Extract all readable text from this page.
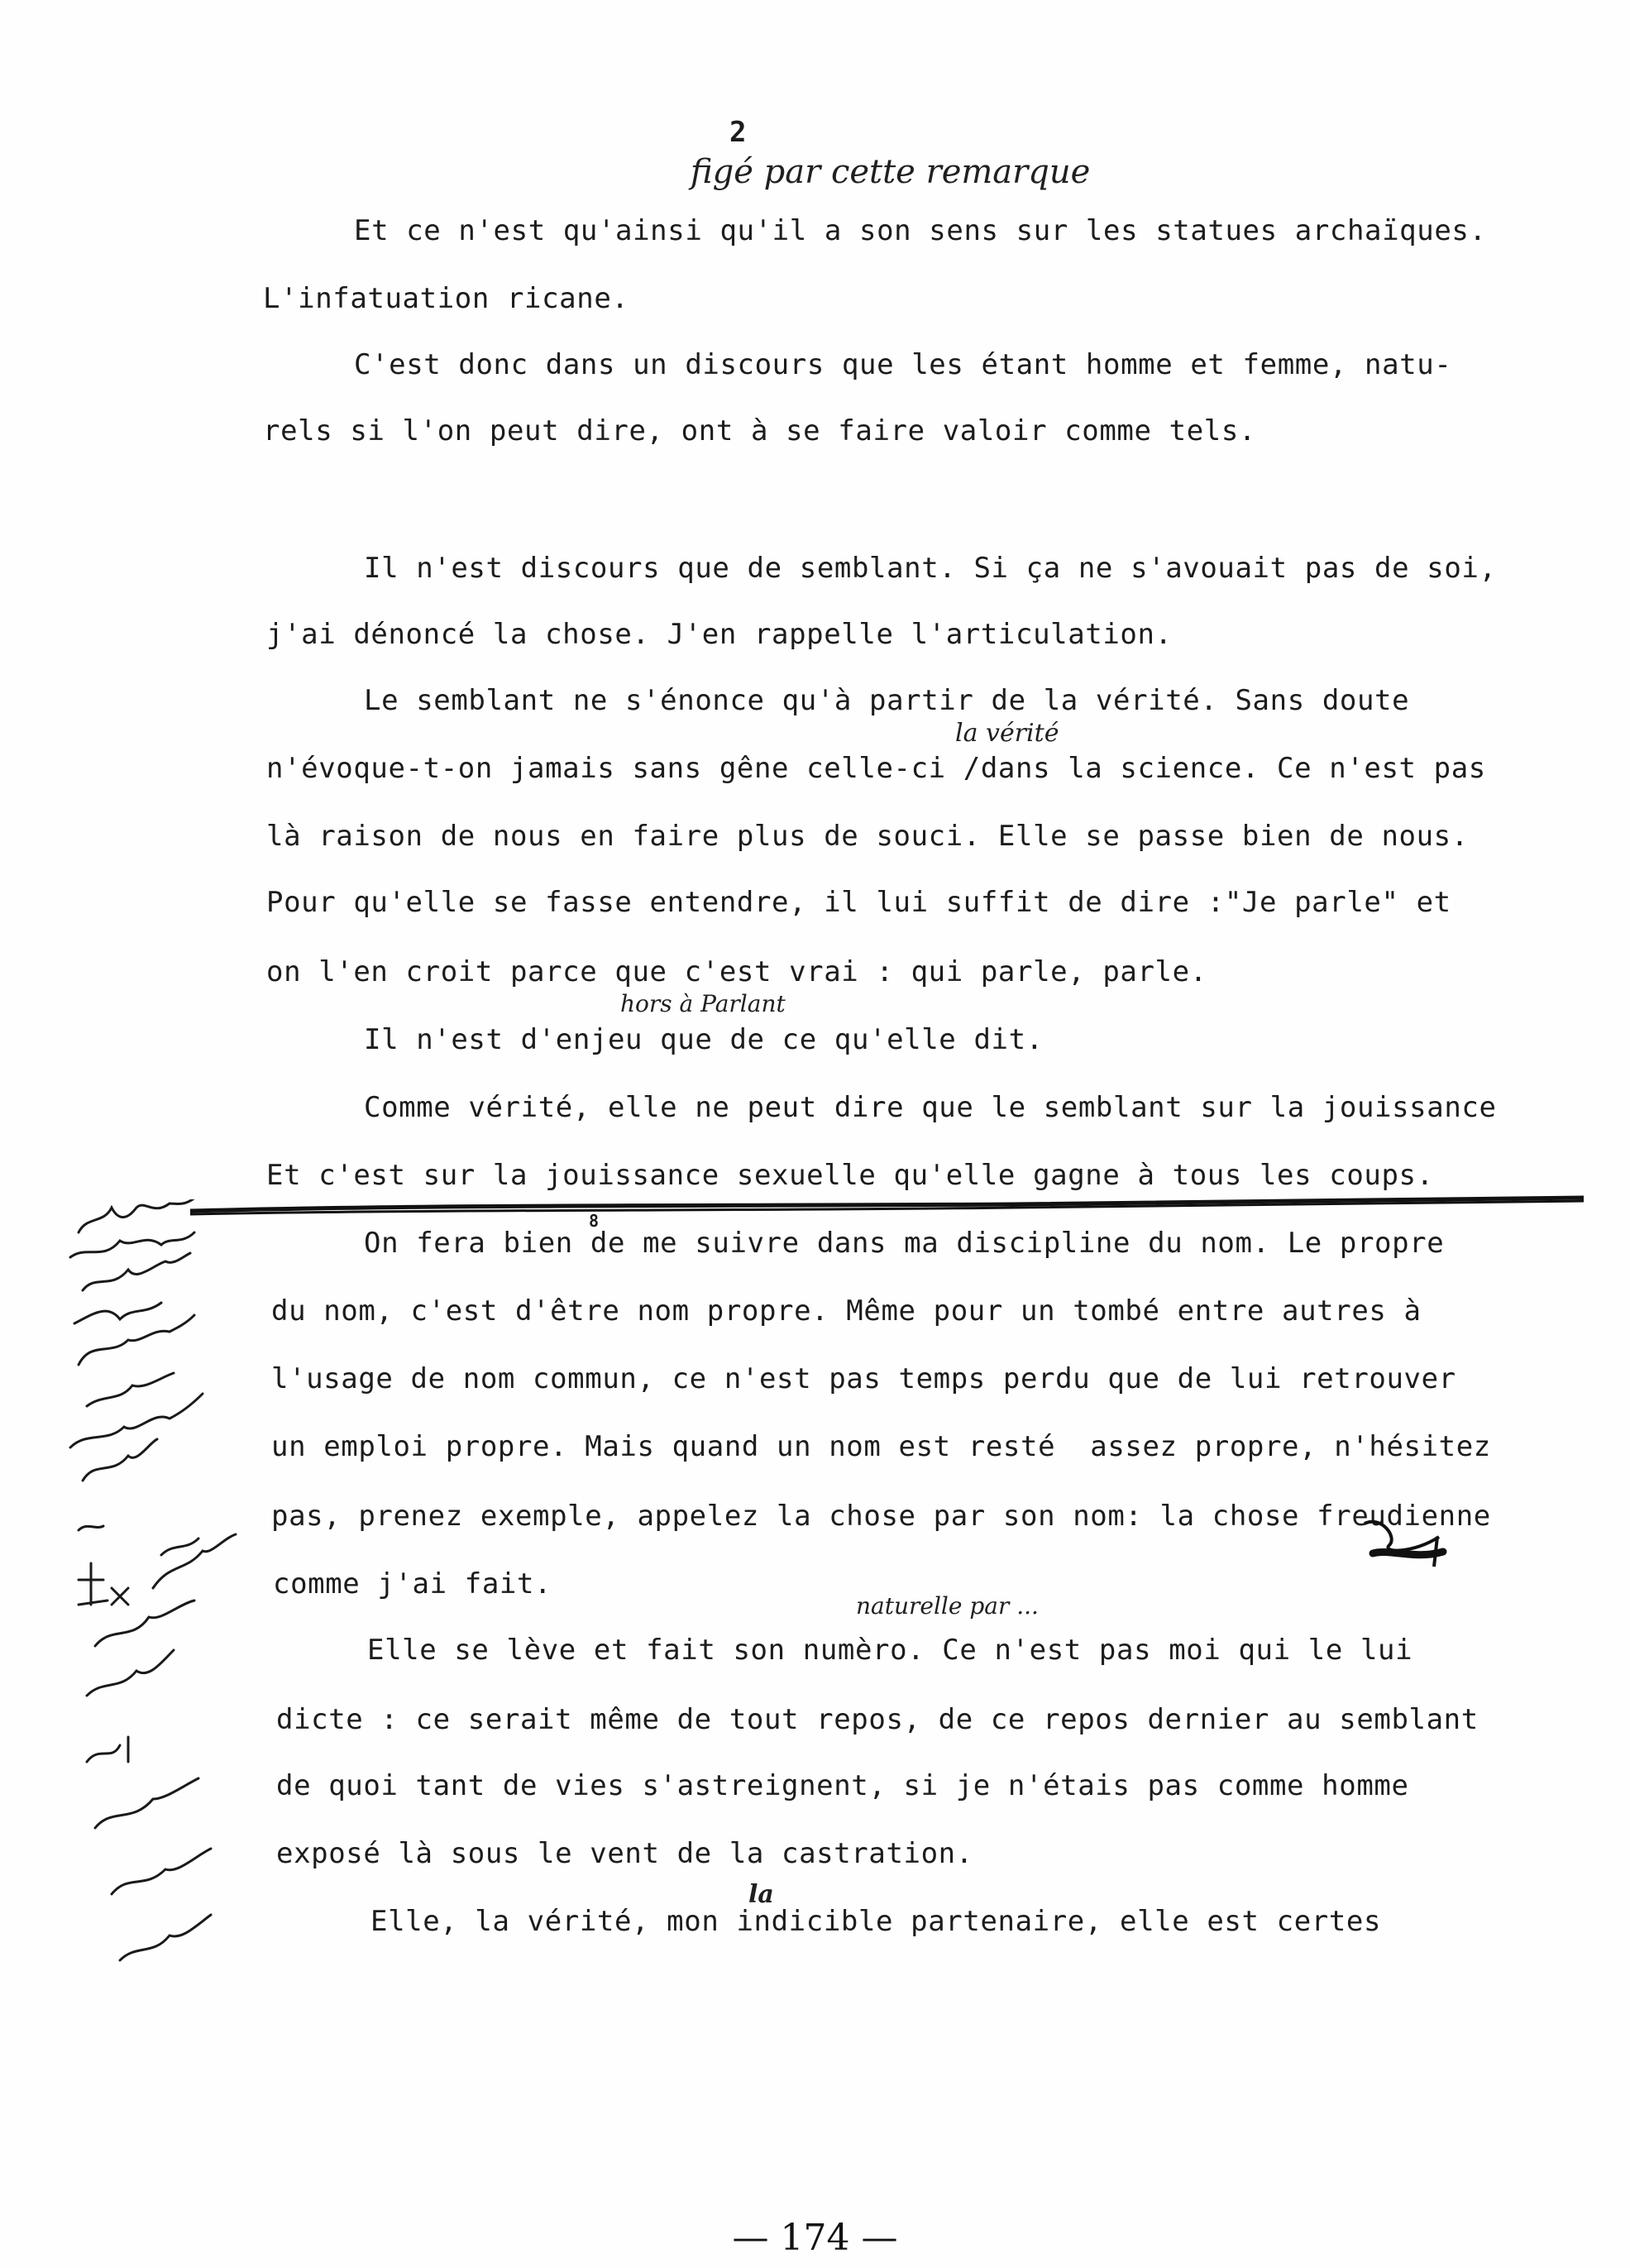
2
figé par cette remarque
Et ce n'est qu'ainsi qu'il a son sens sur les statues archaïques.
L'infatuation ricane.
C'est donc dans un discours que les étant homme et femme, natu-
rels si l'on peut dire, ont à se faire valoir comme tels.
Il n'est discours que de semblant. Si ça ne s'avouait pas de soi,
j'ai dénoncé la chose. J'en rappelle l'articulation.
Le semblant ne s'énonce qu'à partir de la vérité. Sans doute
la vérité
n'évoque-t-on jamais sans gêne celle-ci /dans la science. Ce n'est pas
là raison de nous en faire plus de souci. Elle se passe bien de nous.
Pour qu'elle se fasse entendre, il lui suffit de dire :"Je parle" et
on l'en croit parce que c'est vrai : qui parle, parle.
hors à Parlant
Il n'est d'enjeu que de ce qu'elle dit.
Comme vérité, elle ne peut dire que le semblant sur la jouissance
Et c'est sur la jouissance sexuelle qu'elle gagne à tous les coups.
8
On fera bien de me suivre dans ma discipline du nom. Le propre
du nom, c'est d'être nom propre. Même pour un tombé entre autres à
l'usage de nom commun, ce n'est pas temps perdu que de lui retrouver
un emploi propre. Mais quand un nom est resté  assez propre, n'hésitez
pas, prenez exemple, appelez la chose par son nom: la chose freudienne
comme j'ai fait.
naturelle par ...
Elle se lève et fait son numèro. Ce n'est pas moi qui le lui
dicte : ce serait même de tout repos, de ce repos dernier au semblant
de quoi tant de vies s'astreignent, si je n'étais pas comme homme
exposé là sous le vent de la castration.
Elle, la vérité, mon indicible partenaire, elle est certes
la
— 174 —
